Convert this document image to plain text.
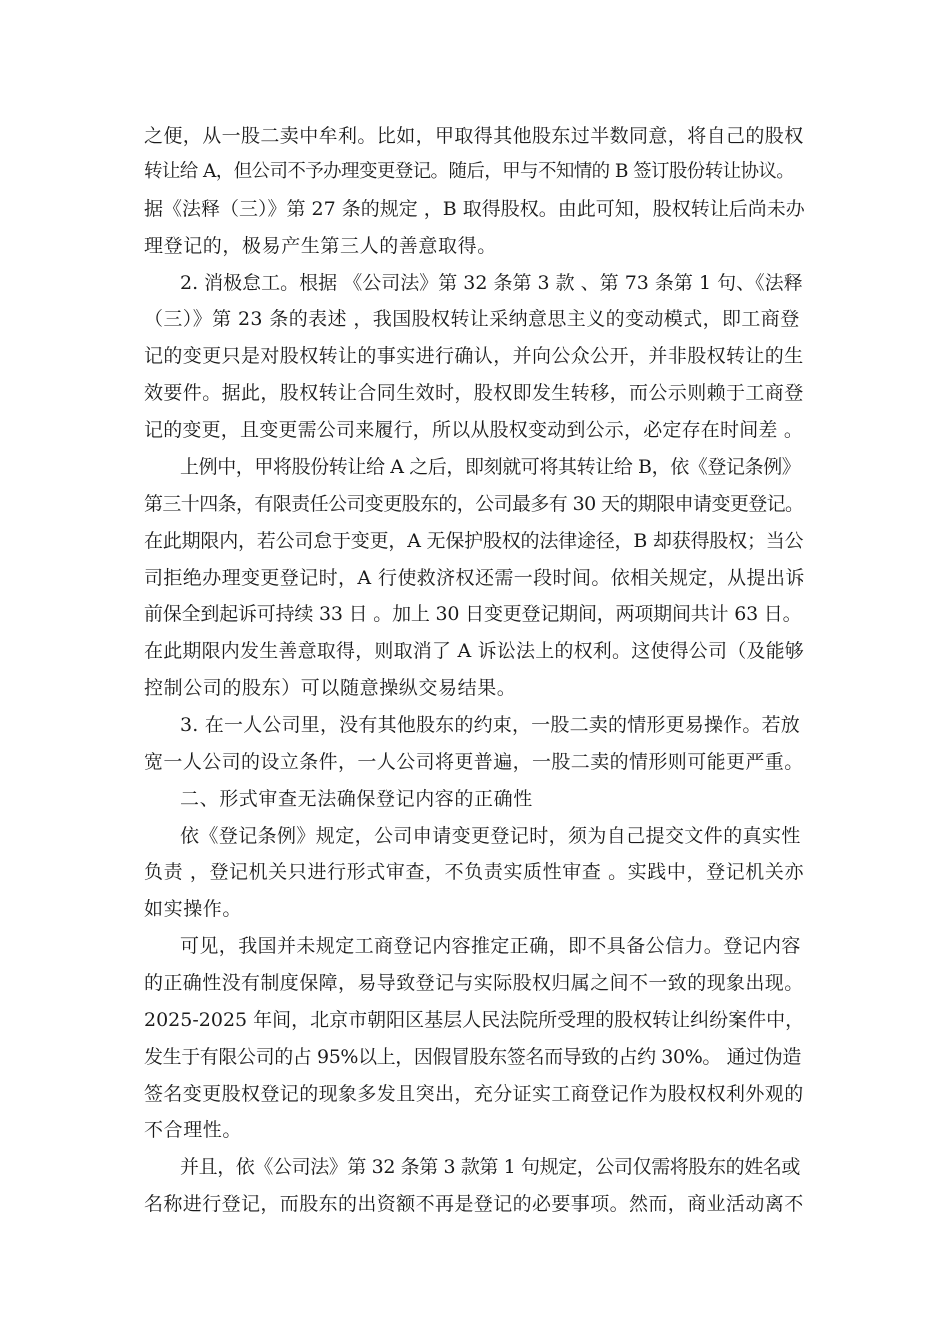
之便，从一股二卖中牟利。比如，甲取得其他股东过半数同意，将自己的股权
转让给 A，但公司不予办理变更登记。随后，甲与不知情的 B 签订股份转让协议。
据《法释（三）》第 27 条的规定 ，B 取得股权。由此可知，股权转让后尚未办
理登记的，极易产生第三人的善意取得。
2. 消极怠工。根据 《公司法》第 32 条第 3 款 、第 73 条第 1 句、《法释
（三）》第 23 条的表述 ，我国股权转让采纳意思主义的变动模式，即工商登
记的变更只是对股权转让的事实进行确认，并向公众公开，并非股权转让的生
效要件。据此，股权转让合同生效时，股权即发生转移，而公示则赖于工商登
记的变更，且变更需公司来履行，所以从股权变动到公示，必定存在时间差 。
上例中，甲将股份转让给 A 之后，即刻就可将其转让给 B，依《登记条例》
第三十四条，有限责任公司变更股东的，公司最多有 30 天的期限申请变更登记。
在此期限内，若公司怠于变更，A 无保护股权的法律途径，B 却获得股权；当公
司拒绝办理变更登记时，A 行使救济权还需一段时间。依相关规定，从提出诉
前保全到起诉可持续 33 日 。加上 30 日变更登记期间，两项期间共计 63 日。
在此期限内发生善意取得，则取消了 A 诉讼法上的权利。这使得公司（及能够
控制公司的股东）可以随意操纵交易结果。
3. 在一人公司里，没有其他股东的约束，一股二卖的情形更易操作。若放
宽一人公司的设立条件，一人公司将更普遍，一股二卖的情形则可能更严重。
二、形式审查无法确保登记内容的正确性
依《登记条例》规定，公司申请变更登记时，须为自己提交文件的真实性
负责 ，登记机关只进行形式审查，不负责实质性审查 。实践中，登记机关亦
如实操作。
可见，我国并未规定工商登记内容推定正确，即不具备公信力。登记内容
的正确性没有制度保障，易导致登记与实际股权归属之间不一致的现象出现。
2025-2025 年间，北京市朝阳区基层人民法院所受理的股权转让纠纷案件中，
发生于有限公司的占 95%以上，因假冒股东签名而导致的占约 30%。 通过伪造
签名变更股权登记的现象多发且突出，充分证实工商登记作为股权权利外观的
不合理性。
并且，依《公司法》第 32 条第 3 款第 1 句规定，公司仅需将股东的姓名或
名称进行登记，而股东的出资额不再是登记的必要事项。然而，商业活动离不
